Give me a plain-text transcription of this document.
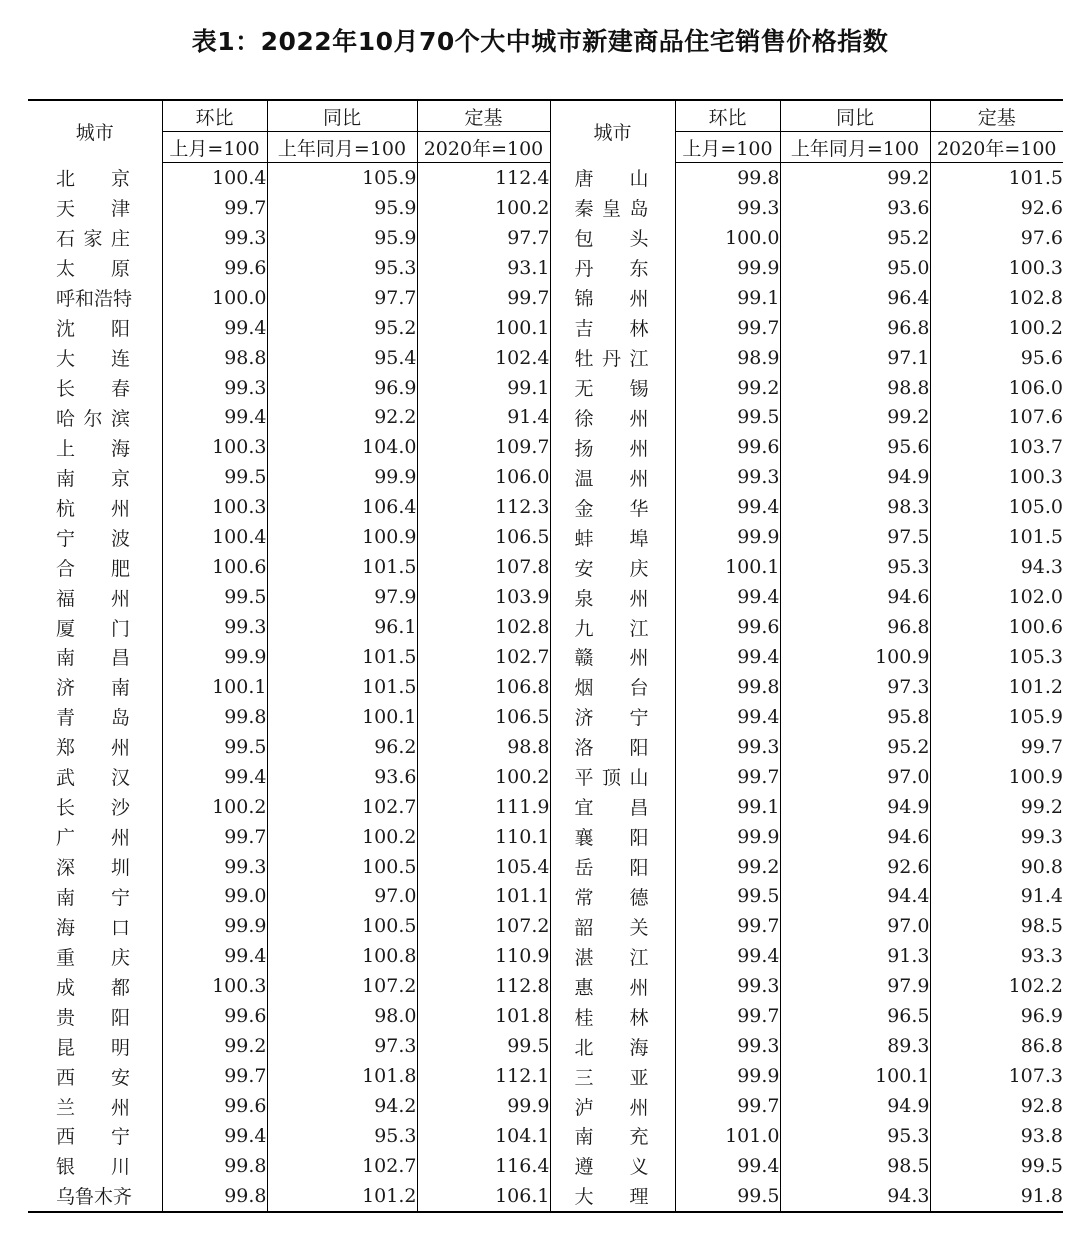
表1：2022年10月70个大中城市新建商品住宅销售价格指数
城市	环比	同比	定基	城市	环比	同比	定基
	上月=100	上年同月=100	2020年=100		上月=100	上年同月=100	2020年=100
北　京	100.4	105.9	112.4	唐　山	99.8	99.2	101.5
天　津	99.7	95.9	100.2	秦皇岛	99.3	93.6	92.6
石家庄	99.3	95.9	97.7	包　头	100.0	95.2	97.6
太　原	99.6	95.3	93.1	丹　东	99.9	95.0	100.3
呼和浩特	100.0	97.7	99.7	锦　州	99.1	96.4	102.8
沈　阳	99.4	95.2	100.1	吉　林	99.7	96.8	100.2
大　连	98.8	95.4	102.4	牡丹江	98.9	97.1	95.6
长　春	99.3	96.9	99.1	无　锡	99.2	98.8	106.0
哈尔滨	99.4	92.2	91.4	徐　州	99.5	99.2	107.6
上　海	100.3	104.0	109.7	扬　州	99.6	95.6	103.7
南　京	99.5	99.9	106.0	温　州	99.3	94.9	100.3
杭　州	100.3	106.4	112.3	金　华	99.4	98.3	105.0
宁　波	100.4	100.9	106.5	蚌　埠	99.9	97.5	101.5
合　肥	100.6	101.5	107.8	安　庆	100.1	95.3	94.3
福　州	99.5	97.9	103.9	泉　州	99.4	94.6	102.0
厦　门	99.3	96.1	102.8	九　江	99.6	96.8	100.6
南　昌	99.9	101.5	102.7	赣　州	99.4	100.9	105.3
济　南	100.1	101.5	106.8	烟　台	99.8	97.3	101.2
青　岛	99.8	100.1	106.5	济　宁	99.4	95.8	105.9
郑　州	99.5	96.2	98.8	洛　阳	99.3	95.2	99.7
武　汉	99.4	93.6	100.2	平顶山	99.7	97.0	100.9
长　沙	100.2	102.7	111.9	宜　昌	99.1	94.9	99.2
广　州	99.7	100.2	110.1	襄　阳	99.9	94.6	99.3
深　圳	99.3	100.5	105.4	岳　阳	99.2	92.6	90.8
南　宁	99.0	97.0	101.1	常　德	99.5	94.4	91.4
海　口	99.9	100.5	107.2	韶　关	99.7	97.0	98.5
重　庆	99.4	100.8	110.9	湛　江	99.4	91.3	93.3
成　都	100.3	107.2	112.8	惠　州	99.3	97.9	102.2
贵　阳	99.6	98.0	101.8	桂　林	99.7	96.5	96.9
昆　明	99.2	97.3	99.5	北　海	99.3	89.3	86.8
西　安	99.7	101.8	112.1	三　亚	99.9	100.1	107.3
兰　州	99.6	94.2	99.9	泸　州	99.7	94.9	92.8
西　宁	99.4	95.3	104.1	南　充	101.0	95.3	93.8
银　川	99.8	102.7	116.4	遵　义	99.4	98.5	99.5
乌鲁木齐	99.8	101.2	106.1	大　理	99.5	94.3	91.8
